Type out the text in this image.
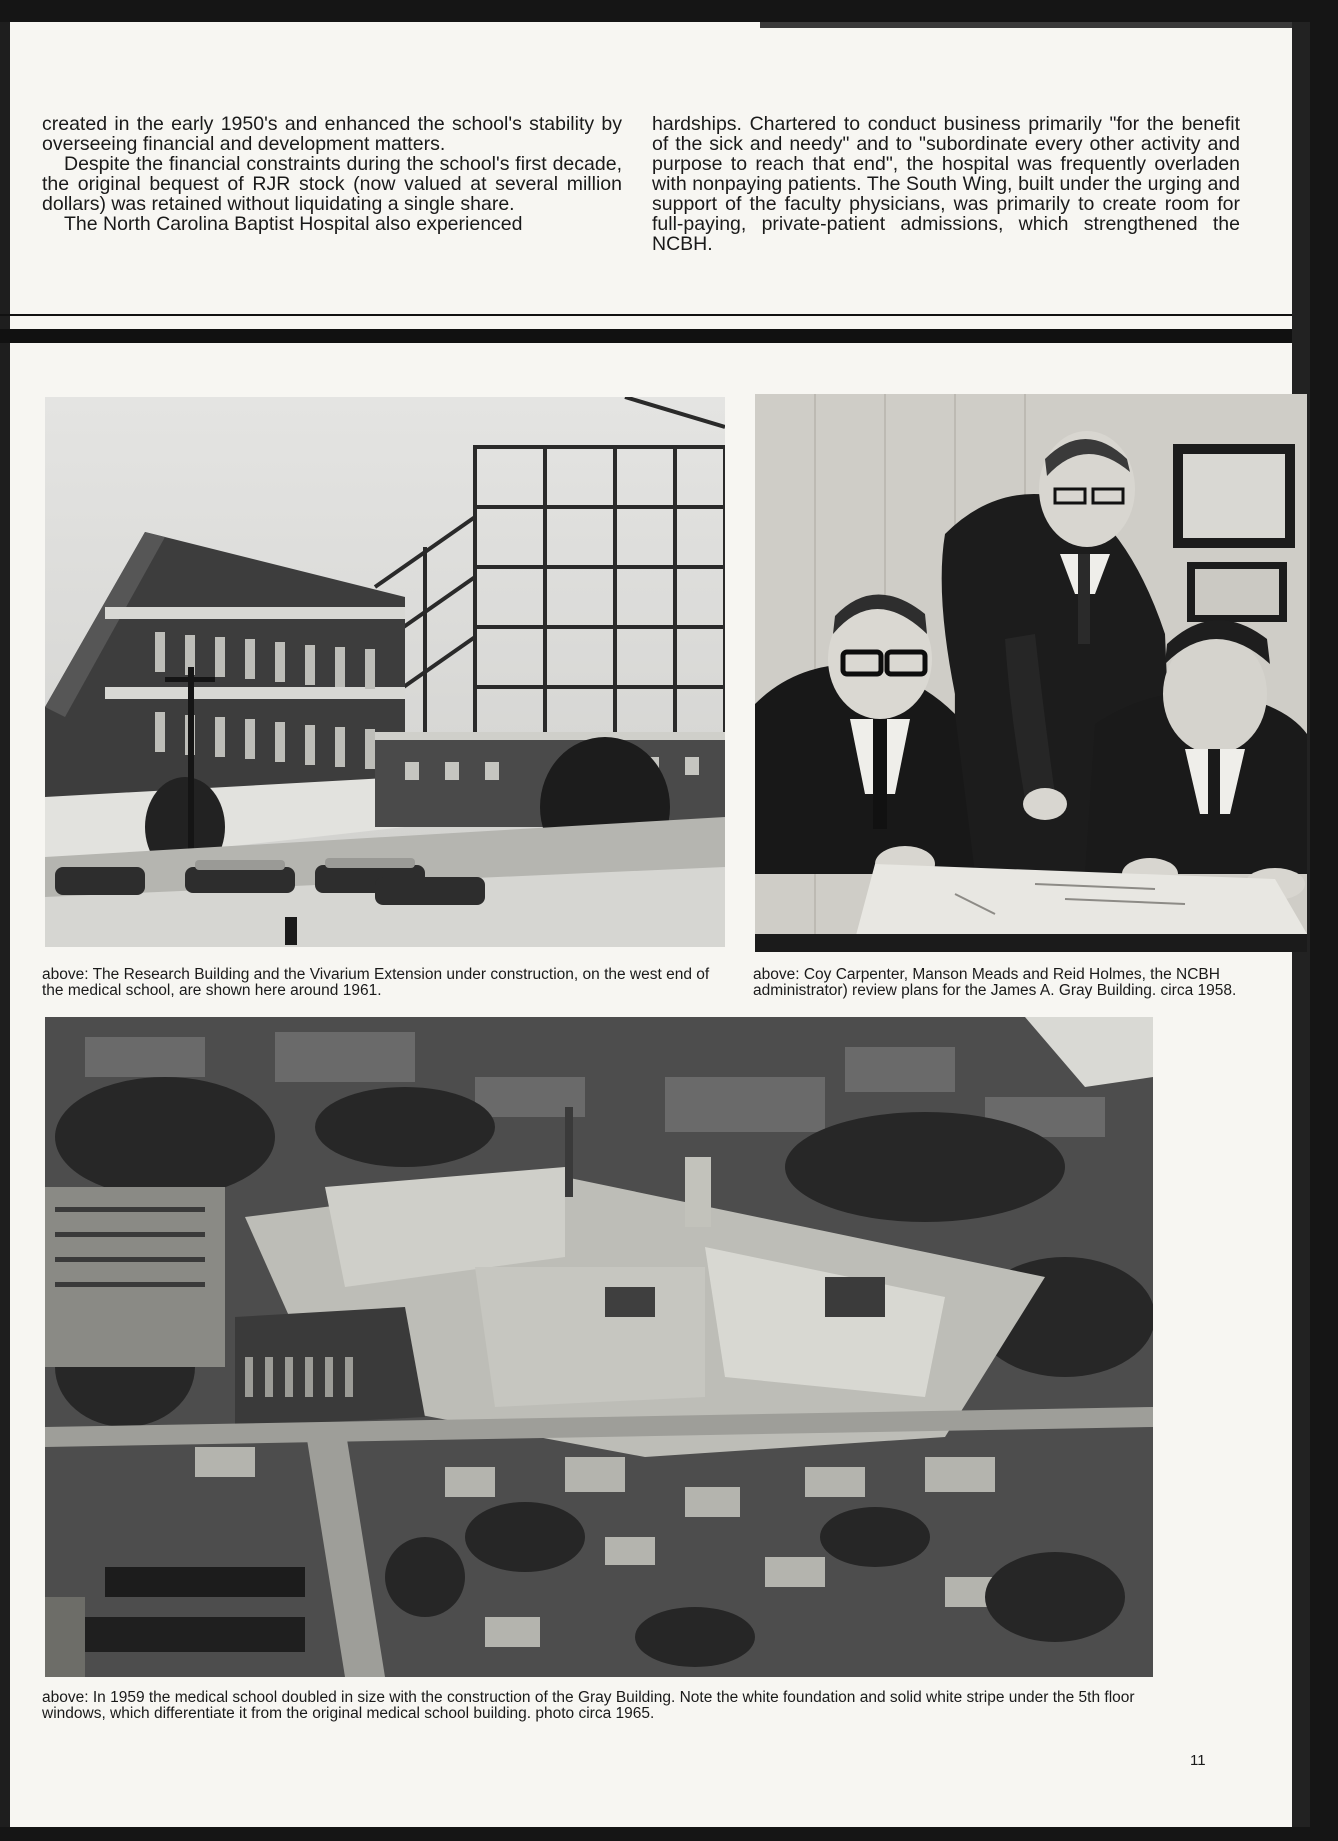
created in the early 1950's and enhanced the school's stability by overseeing financial and development matters.

Despite the financial constraints during the school's first decade, the original bequest of RJR stock (now valued at several million dollars) was retained without liquidating a single share.

The North Carolina Baptist Hospital also experienced

hardships. Chartered to conduct business primarily "for the benefit of the sick and needy" and to "subordinate every other activity and purpose to reach that end", the hospital was frequently overladen with nonpaying patients. The South Wing, built under the urging and support of the faculty physicians, was primarily to create room for full-paying, private-patient admissions, which strengthened the NCBH.

above: The Research Building and the Vivarium Extension under construction, on the west end of the medical school, are shown here around 1961.

above: Coy Carpenter, Manson Meads and Reid Holmes, the NCBH administrator) review plans for the James A. Gray Building. circa 1958.

above: In 1959 the medical school doubled in size with the construction of the Gray Building. Note the white foundation and solid white stripe under the 5th floor windows, which differentiate it from the original medical school building. photo circa 1965.

11
